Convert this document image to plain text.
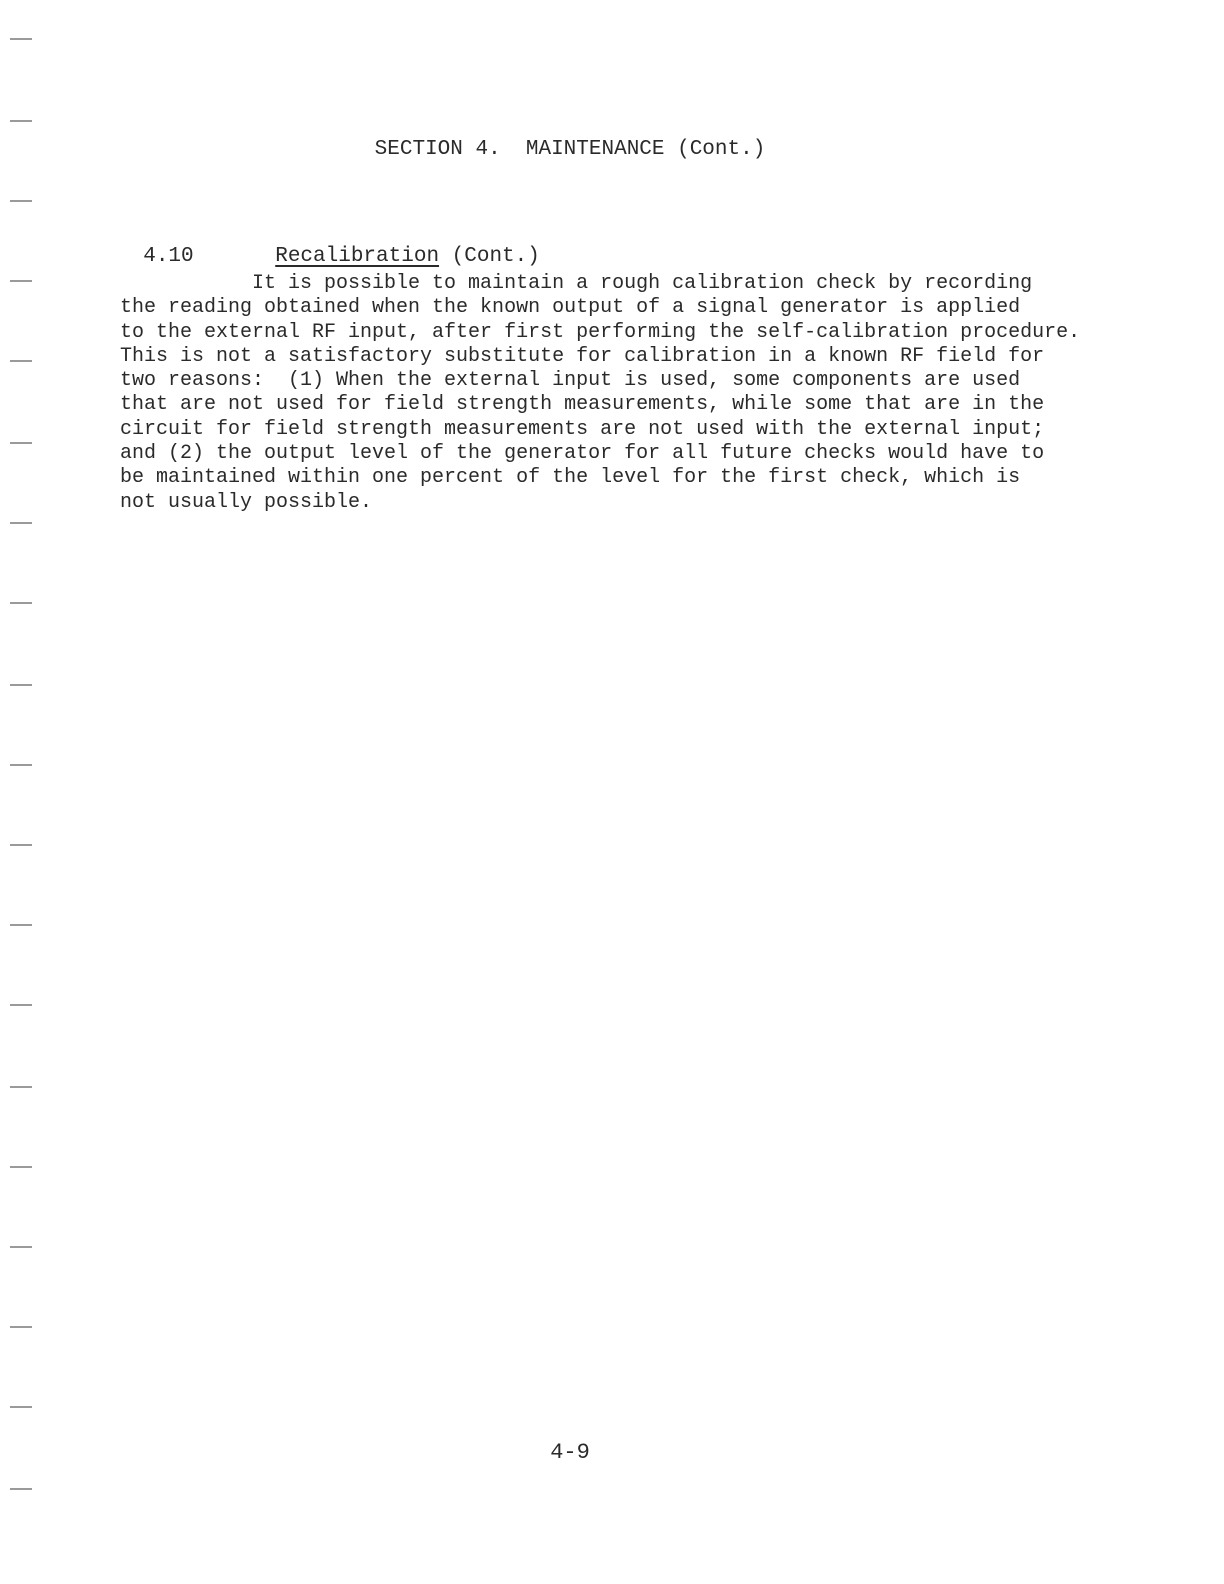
SECTION 4.  MAINTENANCE (Cont.)

4.10	Recalibration (Cont.)

It is possible to maintain a rough calibration check by recording
the reading obtained when the known output of a signal generator is applied
to the external RF input, after first performing the self-calibration procedure.
This is not a satisfactory substitute for calibration in a known RF field for
two reasons:  (1) When the external input is used, some components are used
that are not used for field strength measurements, while some that are in the
circuit for field strength measurements are not used with the external input;
and (2) the output level of the generator for all future checks would have to
be maintained within one percent of the level for the first check, which is
not usually possible.
4-9
